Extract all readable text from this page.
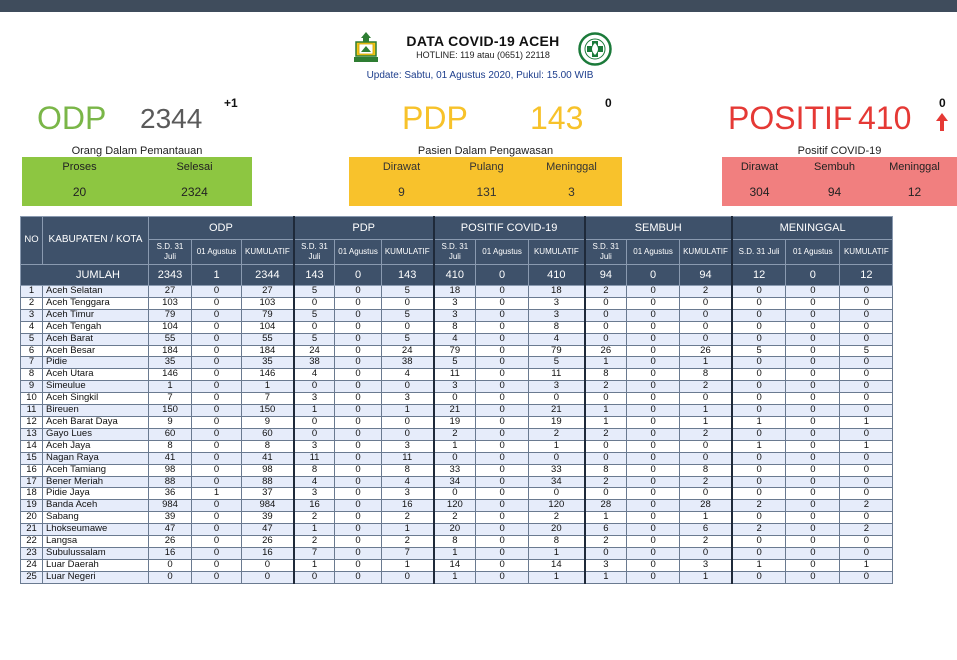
DATA COVID-19 ACEH
HOTLINE: 119 atau (0651) 22118
Update: Sabtu, 01 Agustus 2020, Pukul: 15.00 WIB
ODP 2344 +1
Orang Dalam Pemantauan
Proses	Selesai
20	2324
PDP 143 0
Pasien Dalam Pengawasan
Dirawat	Pulang	Meninggal
9	131	3
POSITIF 410 0
Positif COVID-19
Dirawat	Sembuh	Meninggal
304	94	12
NO	KABUPATEN / KOTA	ODP			PDP			POSITIF COVID-19			SEMBUH			MENINGGAL		
		S.D. 31 Juli	01 Agustus	KUMULATIF	S.D. 31 Juli	01 Agustus	KUMULATIF	S.D. 31 Juli	01 Agustus	KUMULATIF	S.D. 31 Juli	01 Agustus	KUMULATIF	S.D. 31 Juli	01 Agustus	KUMULATIF
JUMLAH		2343	1	2344	143	0	143	410	0	410	94	0	94	12	0	12
1	Aceh Selatan	27	0	27	5	0	5	18	0	18	2	0	2	0	0	0
2	Aceh Tenggara	103	0	103	0	0	0	3	0	3	0	0	0	0	0	0
3	Aceh Timur	79	0	79	5	0	5	3	0	3	0	0	0	0	0	0
4	Aceh Tengah	104	0	104	0	0	0	8	0	8	0	0	0	0	0	0
5	Aceh Barat	55	0	55	5	0	5	4	0	4	0	0	0	0	0	0
6	Aceh Besar	184	0	184	24	0	24	79	0	79	26	0	26	5	0	5
7	Pidie	35	0	35	38	0	38	5	0	5	1	0	1	0	0	0
8	Aceh Utara	146	0	146	4	0	4	11	0	11	8	0	8	0	0	0
9	Simeulue	1	0	1	0	0	0	3	0	3	2	0	2	0	0	0
10	Aceh Singkil	7	0	7	3	0	3	0	0	0	0	0	0	0	0	0
11	Bireuen	150	0	150	1	0	1	21	0	21	1	0	1	0	0	0
12	Aceh Barat Daya	9	0	9	0	0	0	19	0	19	1	0	1	1	0	1
13	Gayo Lues	60	0	60	0	0	0	2	0	2	2	0	2	0	0	0
14	Aceh Jaya	8	0	8	3	0	3	1	0	1	0	0	0	1	0	1
15	Nagan Raya	41	0	41	11	0	11	0	0	0	0	0	0	0	0	0
16	Aceh Tamiang	98	0	98	8	0	8	33	0	33	8	0	8	0	0	0
17	Bener Meriah	88	0	88	4	0	4	34	0	34	2	0	2	0	0	0
18	Pidie Jaya	36	1	37	3	0	3	0	0	0	0	0	0	0	0	0
19	Banda Aceh	984	0	984	16	0	16	120	0	120	28	0	28	2	0	2
20	Sabang	39	0	39	2	0	2	2	0	2	1	0	1	0	0	0
21	Lhokseumawe	47	0	47	1	0	1	20	0	20	6	0	6	2	0	2
22	Langsa	26	0	26	2	0	2	8	0	8	2	0	2	0	0	0
23	Subulussalam	16	0	16	7	0	7	1	0	1	0	0	0	0	0	0
24	Luar Daerah	0	0	0	1	0	1	14	0	14	3	0	3	1	0	1
25	Luar Negeri	0	0	0	0	0	0	1	0	1	1	0	1	0	0	0
